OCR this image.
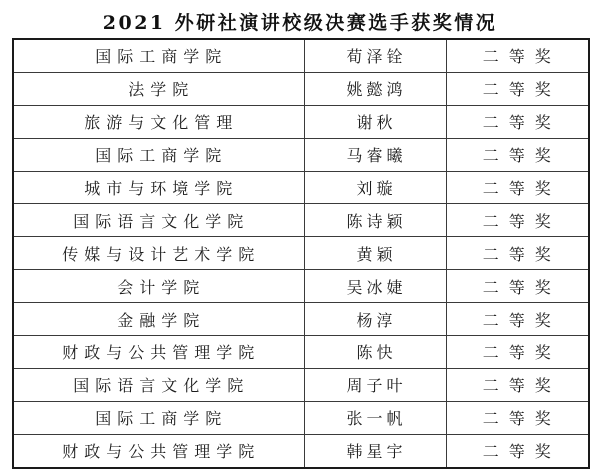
2021 外研社演讲校级决赛选手获奖情况
国际工商学院	荀泽铨	二等奖
法学院	姚懿鸿	二等奖
旅游与文化管理	谢秋	二等奖
国际工商学院	马睿曦	二等奖
城市与环境学院	刘璇	二等奖
国际语言文化学院	陈诗颖	二等奖
传媒与设计艺术学院	黄颖	二等奖
会计学院	吴冰婕	二等奖
金融学院	杨淳	二等奖
财政与公共管理学院	陈快	二等奖
国际语言文化学院	周子叶	二等奖
国际工商学院	张一帆	二等奖
财政与公共管理学院	韩星宇	二等奖
